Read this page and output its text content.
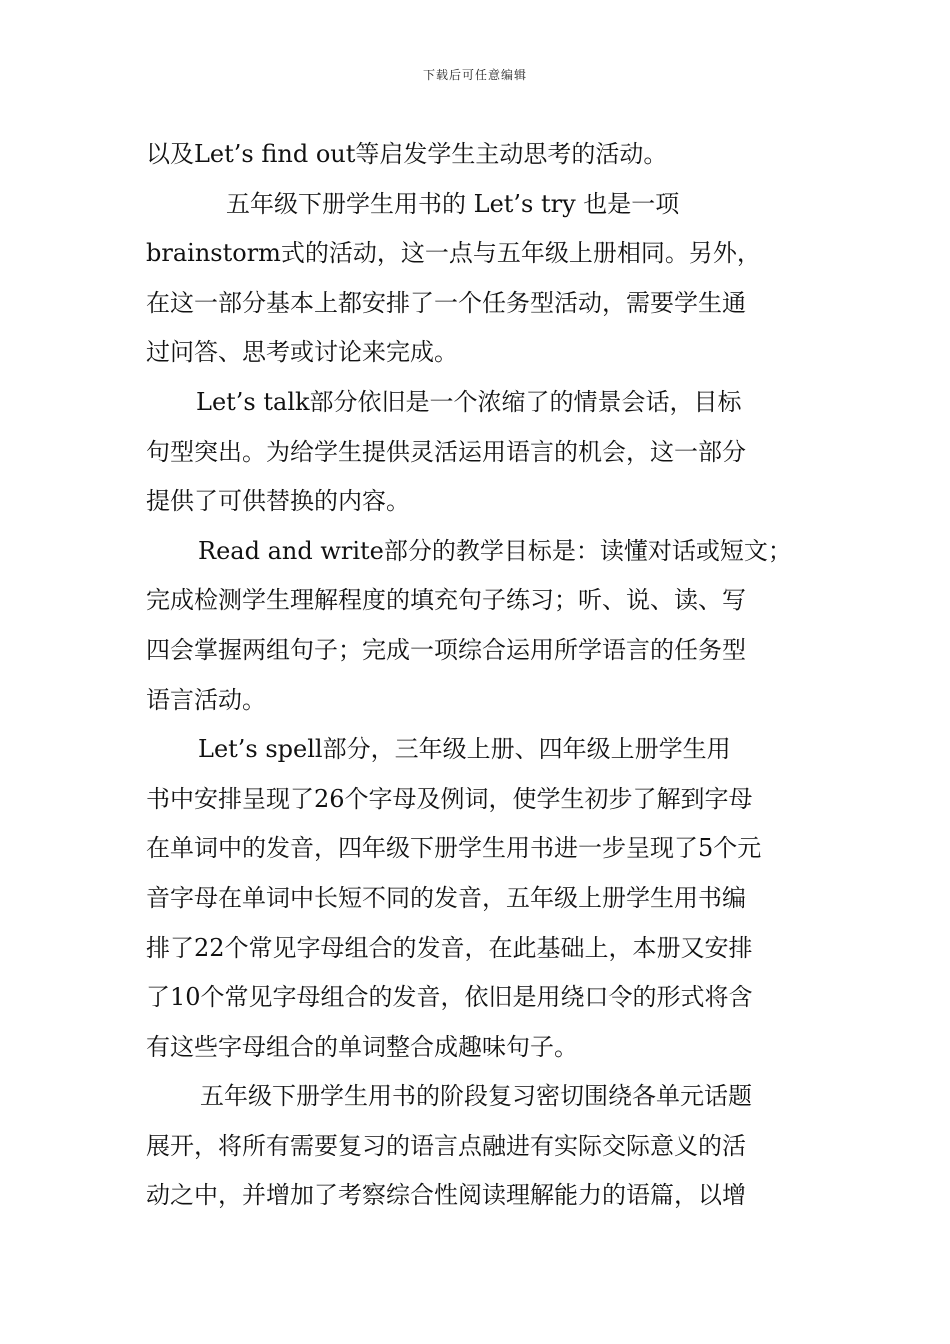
下载后可任意编辑
以及Let’s find out等启发学生主动思考的活动。
五年级下册学生用书的 Let’s try 也是一项
brainstorm式的活动，这一点与五年级上册相同。另外，
在这一部分基本上都安排了一个任务型活动，需要学生通
过问答、思考或讨论来完成。
Let’s talk部分依旧是一个浓缩了的情景会话，目标
句型突出。为给学生提供灵活运用语言的机会，这一部分
提供了可供替换的内容。
Read and write部分的教学目标是：读懂对话或短文；
完成检测学生理解程度的填充句子练习；听、说、读、写
四会掌握两组句子；完成一项综合运用所学语言的任务型
语言活动。
Let’s spell部分，三年级上册、四年级上册学生用
书中安排呈现了26个字母及例词，使学生初步了解到字母
在单词中的发音，四年级下册学生用书进一步呈现了5个元
音字母在单词中长短不同的发音，五年级上册学生用书编
排了22个常见字母组合的发音，在此基础上，本册又安排
了10个常见字母组合的发音，依旧是用绕口令的形式将含
有这些字母组合的单词整合成趣味句子。
五年级下册学生用书的阶段复习密切围绕各单元话题
展开，将所有需要复习的语言点融进有实际交际意义的活
动之中，并增加了考察综合性阅读理解能力的语篇，以增
